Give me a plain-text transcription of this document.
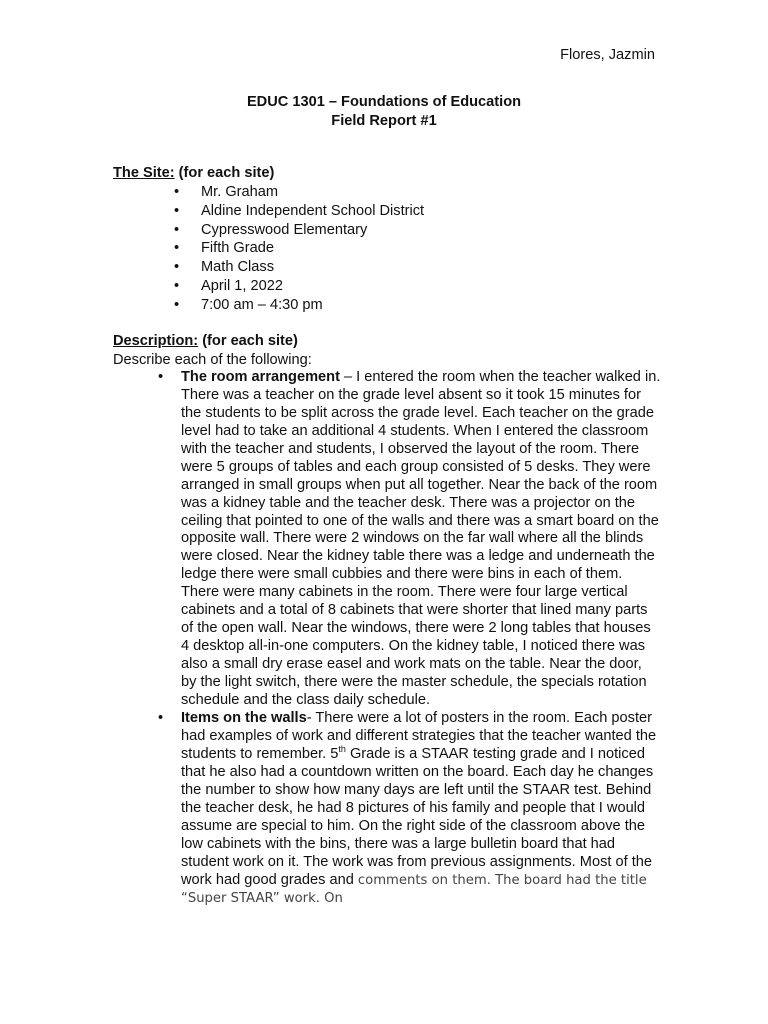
Flores, Jazmin
EDUC 1301 – Foundations of Education
Field Report #1
The Site: (for each site)
• Mr. Graham
• Aldine Independent School District
• Cypresswood Elementary
• Fifth Grade
• Math Class
• April 1, 2022
• 7:00 am – 4:30 pm
Description: (for each site)
Describe each of the following:
• The room arrangement – I entered the room when the teacher walked in. There was a teacher on the grade level absent so it took 15 minutes for the students to be split across the grade level. Each teacher on the grade level had to take an additional 4 students. When I entered the classroom with the teacher and students, I observed the layout of the room. There were 5 groups of tables and each group consisted of 5 desks. They were arranged in small groups when put all together. Near the back of the room was a kidney table and the teacher desk. There was a projector on the ceiling that pointed to one of the walls and there was a smart board on the opposite wall. There were 2 windows on the far wall where all the blinds were closed. Near the kidney table there was a ledge and underneath the ledge there were small cubbies and there were bins in each of them. There were many cabinets in the room. There were four large vertical cabinets and a total of 8 cabinets that were shorter that lined many parts of the open wall. Near the windows, there were 2 long tables that houses 4 desktop all-in-one computers. On the kidney table, I noticed there was also a small dry erase easel and work mats on the table. Near the door, by the light switch, there were the master schedule, the specials rotation schedule and the class daily schedule.
• Items on the walls- There were a lot of posters in the room. Each poster had examples of work and different strategies that the teacher wanted the students to remember. 5th Grade is a STAAR testing grade and I noticed that he also had a countdown written on the board. Each day he changes the number to show how many days are left until the STAAR test. Behind the teacher desk, he had 8 pictures of his family and people that I would assume are special to him. On the right side of the classroom above the low cabinets with the bins, there was a large bulletin board that had student work on it. The work was from previous assignments. Most of the work had good grades and comments on them. The board had the title “Super STAAR” work. On
